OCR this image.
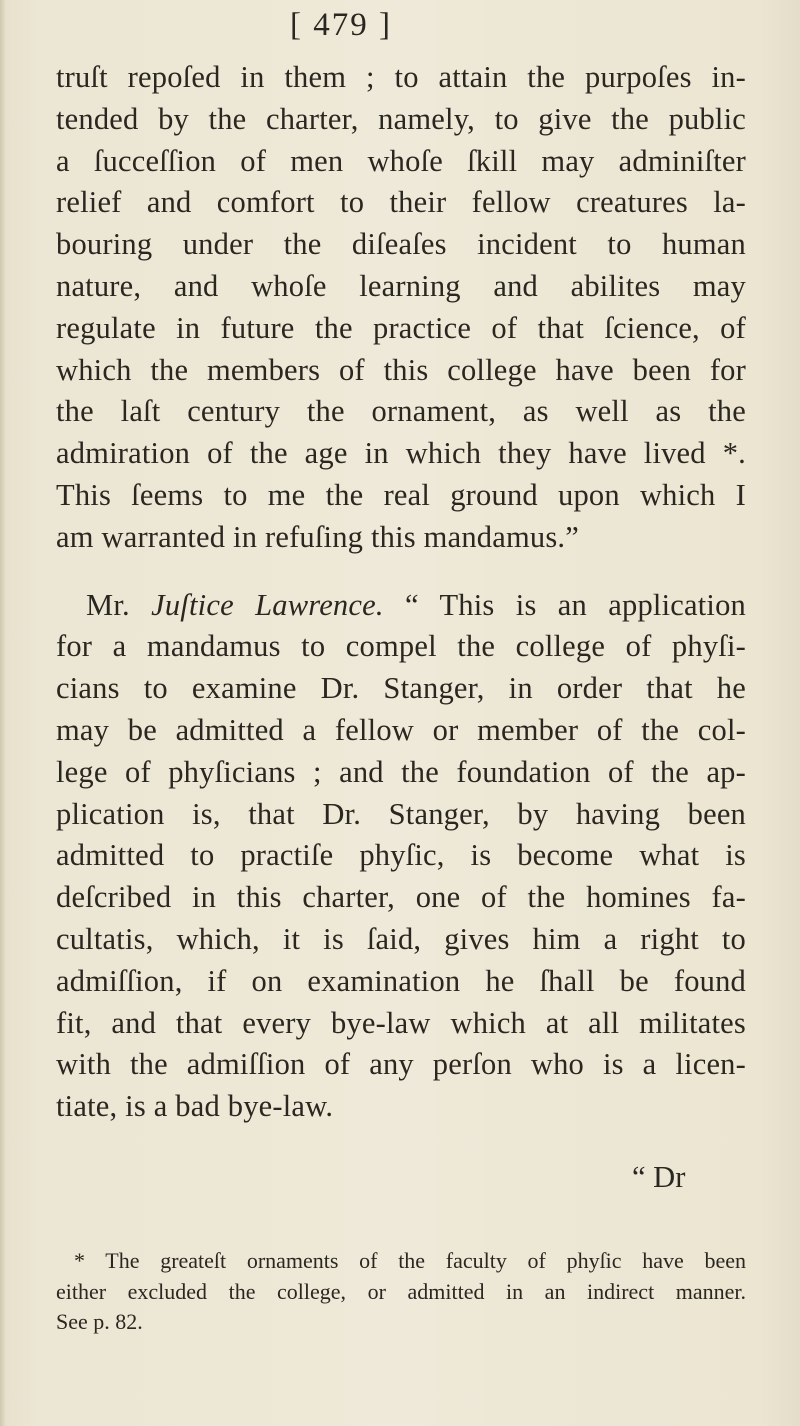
[ 479 ]
truſt repoſed in them ; to attain the purpoſes in-
tended by the charter, namely, to give the public
a ſucceſſion of men whoſe ſkill may adminiſter
relief and comfort to their fellow creatures la-
bouring under the diſeaſes incident to human
nature, and whoſe learning and abilites may
regulate in future the practice of that ſcience, of
which the members of this college have been for
the laſt century the ornament, as well as the
admiration of the age in which they have lived *.
This ſeems to me the real ground upon which I
am warranted in refuſing this mandamus.”
Mr. Juſtice Lawrence. “ This is an application
for a mandamus to compel the college of phyſi-
cians to examine Dr. Stanger, in order that he
may be admitted a fellow or member of the col-
lege of phyſicians ; and the foundation of the ap-
plication is, that Dr. Stanger, by having been
admitted to practiſe phyſic, is become what is
deſcribed in this charter, one of the homines fa-
cultatis, which, it is ſaid, gives him a right to
admiſſion, if on examination he ſhall be found
fit, and that every bye-law which at all militates
with the admiſſion of any perſon who is a licen-
tiate, is a bad bye-law.
“ Dr
* The greateſt ornaments of the faculty of phyſic have been
either excluded the college, or admitted in an indirect manner.
See p. 82.
